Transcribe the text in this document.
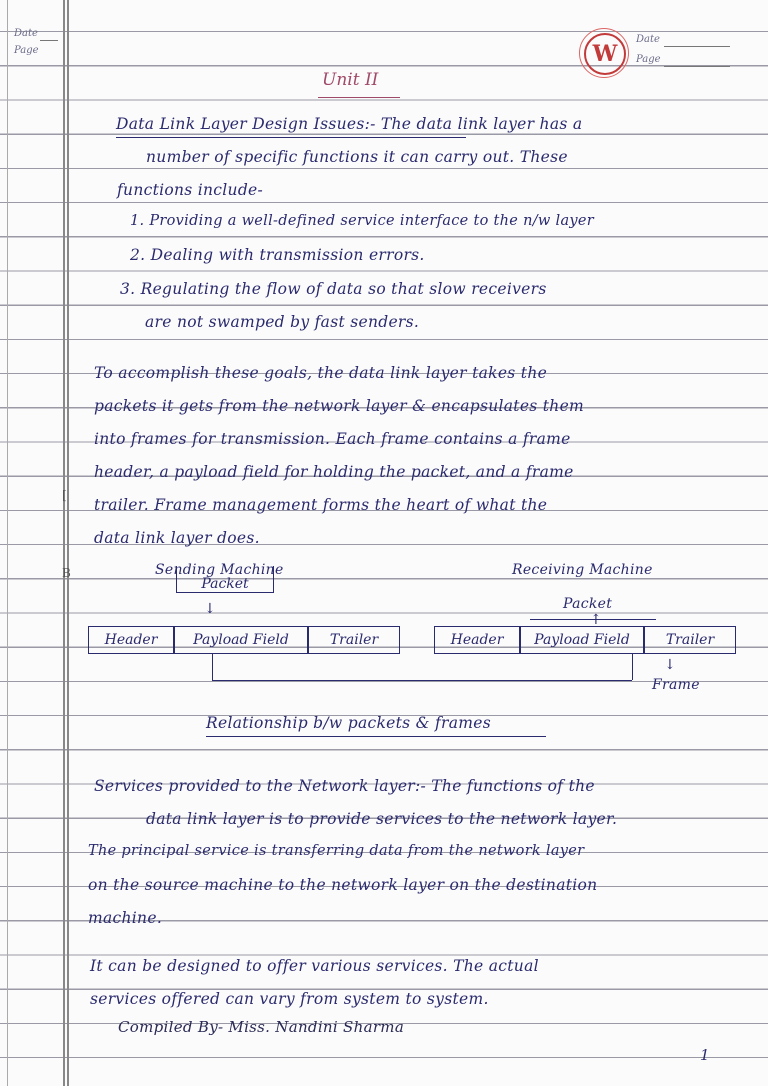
Date
Page	W
Date
Page
Unit II
Data Link Layer Design Issues:- The data link layer has a
number of specific functions it can carry out. These
functions include-
1. Providing a well-defined service interface to the n/w layer
2. Dealing with transmission errors.
3. Regulating the flow of data so that slow receivers
are not swamped by fast senders.
To accomplish these goals, the data link layer takes the
packets it gets from the network layer & encapsulates them
into frames for transmission. Each frame contains a frame
header, a payload field for holding the packet, and a frame
trailer. Frame management forms the heart of what the
data link layer does.
Sending Machine	Receiving Machine
Packet
↓	Packet
Header	Payload Field	Trailer	Header	Payload Field	Trailer
↓
Frame
Relationship b/w packets & frames
Services provided to the Network layer:- The functions of the
data link layer is to provide services to the network layer.
The principal service is transferring data from the network layer
on the source machine to the network layer on the destination
machine.
It can be designed to offer various services. The actual
services offered can vary from system to system.
Compiled By- Miss. Nandini Sharma
1
[
B
